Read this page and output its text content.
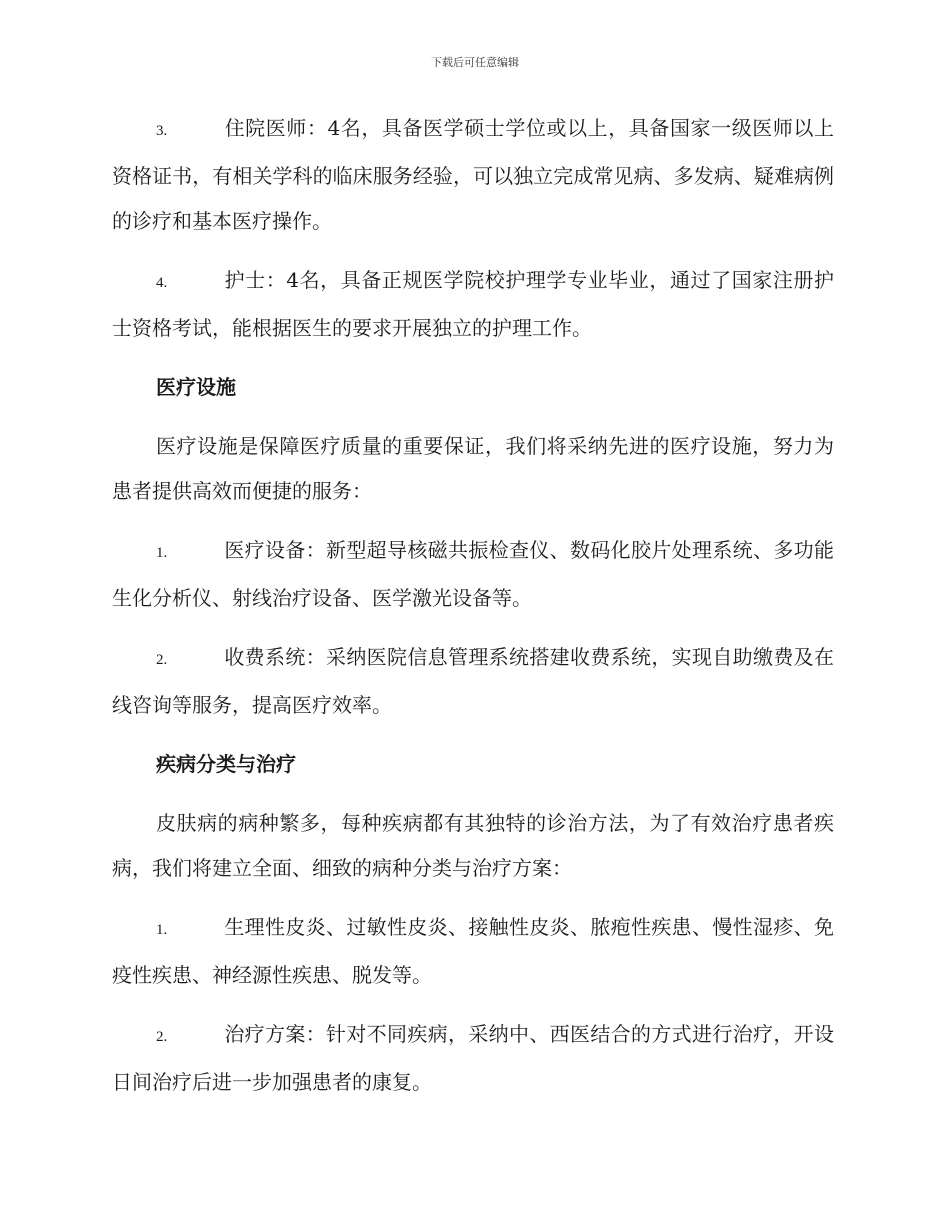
下载后可任意编辑

3.	住院医师：4名，具备医学硕士学位或以上，具备国家一级医师以上资格证书，有相关学科的临床服务经验，可以独立完成常见病、多发病、疑难病例的诊疗和基本医疗操作。

4.	护士：4名，具备正规医学院校护理学专业毕业，通过了国家注册护士资格考试，能根据医生的要求开展独立的护理工作。

医疗设施

医疗设施是保障医疗质量的重要保证，我们将采纳先进的医疗设施，努力为患者提供高效而便捷的服务：

1.	医疗设备：新型超导核磁共振检查仪、数码化胶片处理系统、多功能生化分析仪、射线治疗设备、医学激光设备等。

2.	收费系统：采纳医院信息管理系统搭建收费系统，实现自助缴费及在线咨询等服务，提高医疗效率。

疾病分类与治疗

皮肤病的病种繁多，每种疾病都有其独特的诊治方法，为了有效治疗患者疾病，我们将建立全面、细致的病种分类与治疗方案：

1.	生理性皮炎、过敏性皮炎、接触性皮炎、脓疱性疾患、慢性湿疹、免疫性疾患、神经源性疾患、脱发等。

2.	治疗方案：针对不同疾病，采纳中、西医结合的方式进行治疗，开设日间治疗后进一步加强患者的康复。
